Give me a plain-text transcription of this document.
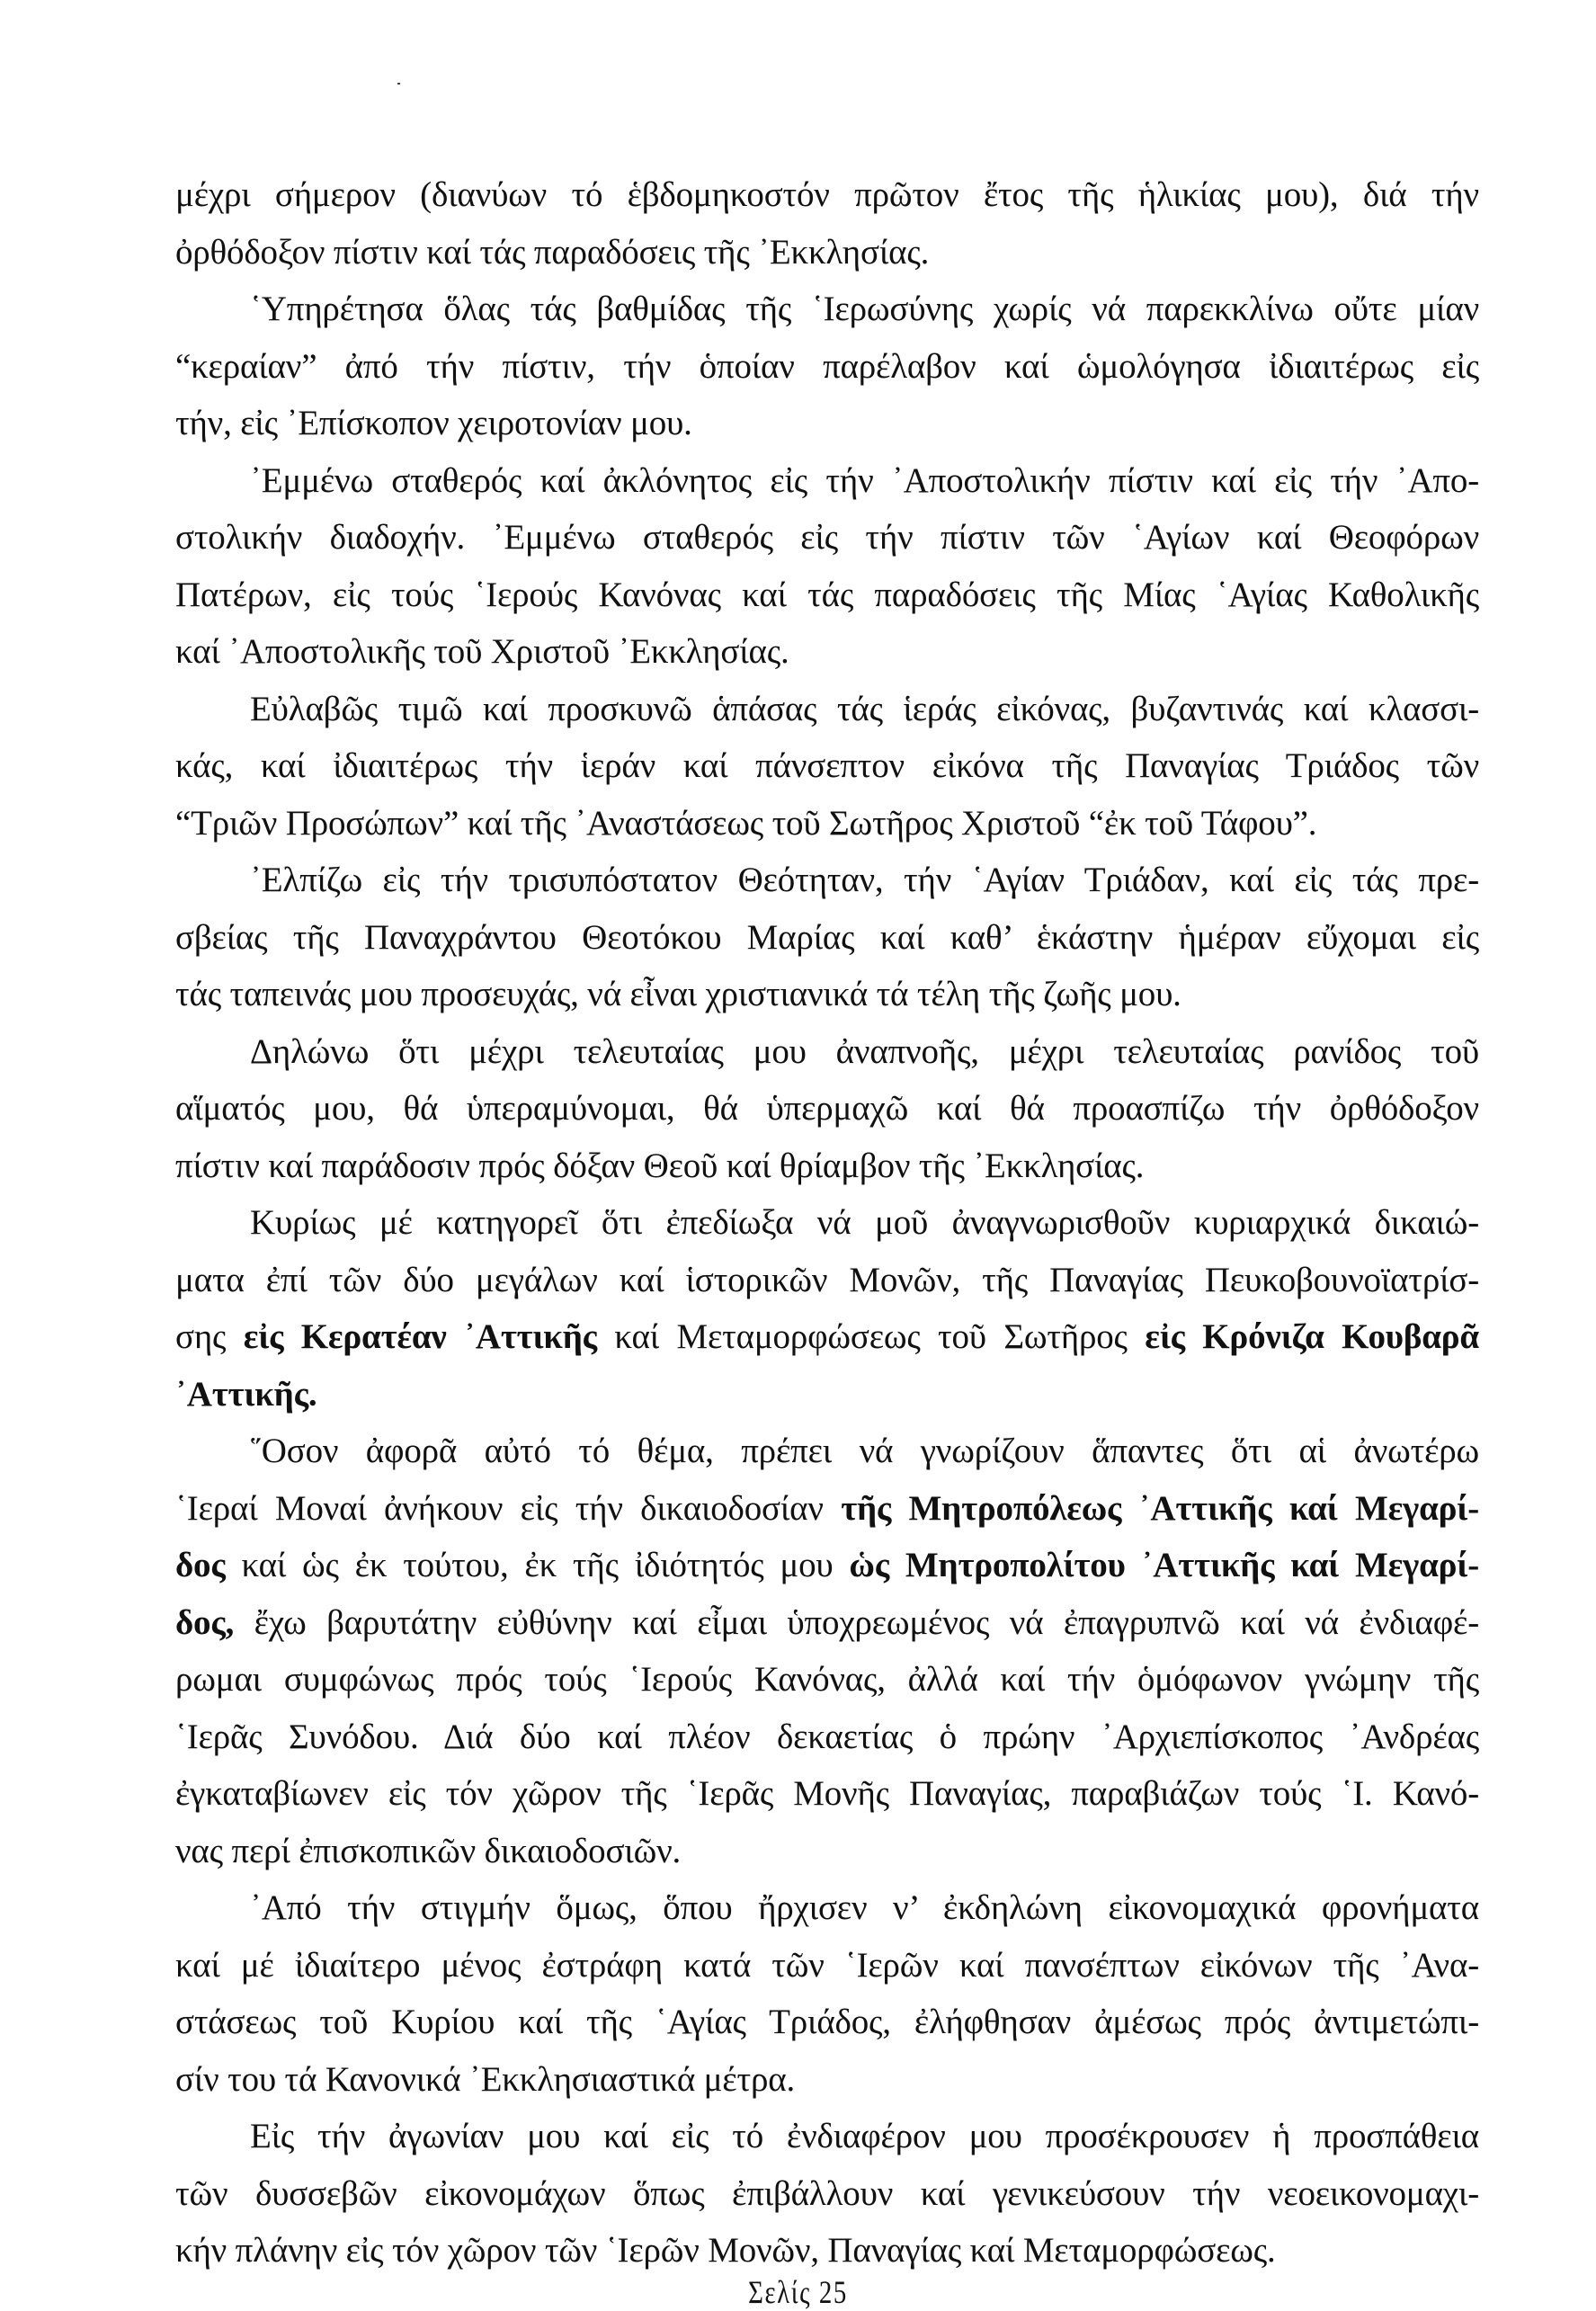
μέχρι σήμερον (διανύων τό ἑβδομηκοστόν πρῶτον ἔτος τῆς ἡλικίας μου), διά τήν
ὀρθόδοξον πίστιν καί τάς παραδόσεις τῆς ᾿Εκκλησίας.
῾Υπηρέτησα ὅλας τάς βαθμίδας τῆς ῾Ιερωσύνης χωρίς νά παρεκκλίνω οὔτε μίαν
“κεραίαν” ἀπό τήν πίστιν, τήν ὁποίαν παρέλαβον καί ὡμολόγησα ἰδιαιτέρως εἰς
τήν, εἰς ᾿Επίσκοπον χειροτονίαν μου.
᾿Εμμένω σταθερός καί ἀκλόνητος εἰς τήν ᾿Αποστολικήν πίστιν καί εἰς τήν ᾿Απο-
στολικήν διαδοχήν. ᾿Εμμένω σταθερός εἰς τήν πίστιν τῶν ῾Αγίων καί Θεοφόρων
Πατέρων, εἰς τούς ῾Ιερούς Κανόνας καί τάς παραδόσεις τῆς Μίας ῾Αγίας Καθολικῆς
καί ᾿Αποστολικῆς τοῦ Χριστοῦ ᾿Εκκλησίας.
Εὐλαβῶς τιμῶ καί προσκυνῶ ἁπάσας τάς ἱεράς εἰκόνας, βυζαντινάς καί κλασσι-
κάς, καί ἰδιαιτέρως τήν ἱεράν καί πάνσεπτον εἰκόνα τῆς Παναγίας Τριάδος τῶν
“Τριῶν Προσώπων” καί τῆς ᾿Αναστάσεως τοῦ Σωτῆρος Χριστοῦ “ἐκ τοῦ Τάφου”.
᾿Ελπίζω εἰς τήν τρισυπόστατον Θεότηταν, τήν ῾Αγίαν Τριάδαν, καί εἰς τάς πρε-
σβείας τῆς Παναχράντου Θεοτόκου Μαρίας καί καθ’ ἑκάστην ἡμέραν εὔχομαι εἰς
τάς ταπεινάς μου προσευχάς, νά εἶναι χριστιανικά τά τέλη τῆς ζωῆς μου.
Δηλώνω ὅτι μέχρι τελευταίας μου ἀναπνοῆς, μέχρι τελευταίας ρανίδος τοῦ
αἵματός μου, θά ὑπεραμύνομαι, θά ὑπερμαχῶ καί θά προασπίζω τήν ὀρθόδοξον
πίστιν καί παράδοσιν πρός δόξαν Θεοῦ καί θρίαμβον τῆς ᾿Εκκλησίας.
Κυρίως μέ κατηγορεῖ ὅτι ἐπεδίωξα νά μοῦ ἀναγνωρισθοῦν κυριαρχικά δικαιώ-
ματα ἐπί τῶν δύο μεγάλων καί ἱστορικῶν Μονῶν, τῆς Παναγίας Πευκοβουνοϊατρίσ-
σης εἰς Κερατέαν ᾿Αττικῆς καί Μεταμορφώσεως τοῦ Σωτῆρος εἰς Κρόνιζα Κουβαρᾶ
᾿Αττικῆς.
῞Οσον ἀφορᾶ αὐτό τό θέμα, πρέπει νά γνωρίζουν ἅπαντες ὅτι αἱ ἀνωτέρω
῾Ιεραί Μοναί ἀνήκουν εἰς τήν δικαιοδοσίαν τῆς Μητροπόλεως ᾿Αττικῆς καί Μεγαρί-
δος καί ὡς ἐκ τούτου, ἐκ τῆς ἰδιότητός μου ὡς Μητροπολίτου ᾿Αττικῆς καί Μεγαρί-
δος, ἔχω βαρυτάτην εὐθύνην καί εἶμαι ὑποχρεωμένος νά ἐπαγρυπνῶ καί νά ἐνδιαφέ-
ρωμαι συμφώνως πρός τούς ῾Ιερούς Κανόνας, ἀλλά καί τήν ὁμόφωνον γνώμην τῆς
῾Ιερᾶς Συνόδου. Διά δύο καί πλέον δεκαετίας ὁ πρώην ᾿Αρχιεπίσκοπος ᾿Ανδρέας
ἐγκαταβίωνεν εἰς τόν χῶρον τῆς ῾Ιερᾶς Μονῆς Παναγίας, παραβιάζων τούς ῾Ι. Κανό-
νας περί ἐπισκοπικῶν δικαιοδοσιῶν.
᾿Από τήν στιγμήν ὅμως, ὅπου ἤρχισεν ν’ ἐκδηλώνη εἰκονομαχικά φρονήματα
καί μέ ἰδιαίτερο μένος ἐστράφη κατά τῶν ῾Ιερῶν καί πανσέπτων εἰκόνων τῆς ᾿Ανα-
στάσεως τοῦ Κυρίου καί τῆς ῾Αγίας Τριάδος, ἐλήφθησαν ἀμέσως πρός ἀντιμετώπι-
σίν του τά Κανονικά ᾿Εκκλησιαστικά μέτρα.
Εἰς τήν ἀγωνίαν μου καί εἰς τό ἐνδιαφέρον μου προσέκρουσεν ἡ προσπάθεια
τῶν δυσσεβῶν εἰκονομάχων ὅπως ἐπιβάλλουν καί γενικεύσουν τήν νεοεικονομαχι-
κήν πλάνην εἰς τόν χῶρον τῶν ῾Ιερῶν Μονῶν, Παναγίας καί Μεταμορφώσεως.
Σελίς 25
